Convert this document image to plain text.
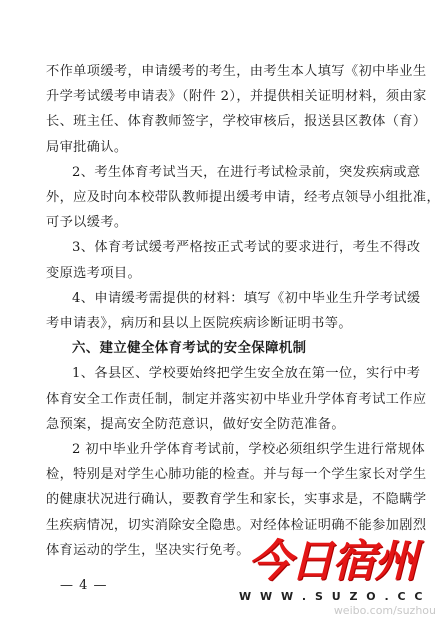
不作单项缓考，申请缓考的考生，由考生本人填写《初中毕业生
升学考试缓考申请表》（附件 2），并提供相关证明材料，须由家
长、班主任、体育教师签字，学校审核后，报送县区教体（育）
局审批确认。
2、考生体育考试当天，在进行考试检录前，突发疾病或意
外，应及时向本校带队教师提出缓考申请，经考点领导小组批准，
可予以缓考。
3、体育考试缓考严格按正式考试的要求进行，考生不得改
变原选考项目。
4、申请缓考需提供的材料：填写《初中毕业生升学考试缓
考申请表》，病历和县以上医院疾病诊断证明书等。
六、建立健全体育考试的安全保障机制
1、各县区、学校要始终把学生安全放在第一位，实行中考
体育安全工作责任制，制定并落实初中毕业升学体育考试工作应
急预案，提高安全防范意识，做好安全防范准备。
2 初中毕业升学体育考试前，学校必须组织学生进行常规体
检，特别是对学生心肺功能的检查。并与每一个学生家长对学生
的健康状况进行确认，要教育学生和家长，实事求是，不隐瞒学
生疾病情况，切实消除安全隐患。对经体检证明确不能参加剧烈
体育运动的学生，坚决实行免考。
— 4 —	今日宿州
W W W . S U Z O . C C
weibo.com/suzhou
